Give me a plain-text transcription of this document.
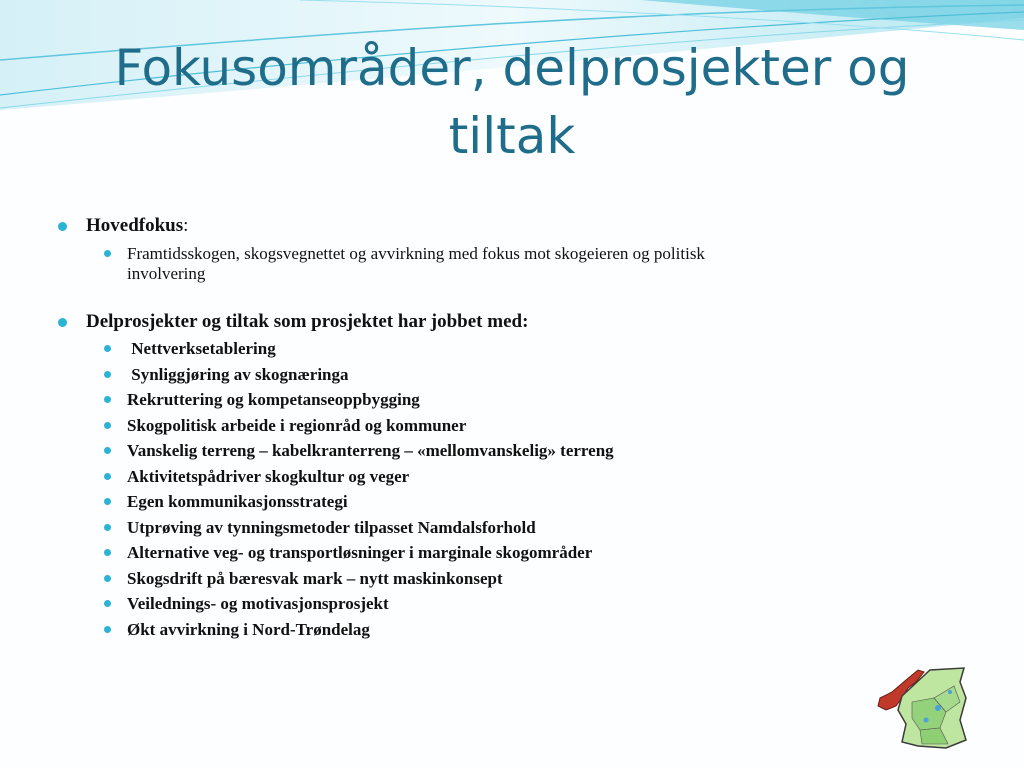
Fokusområder, delprosjekter og
tiltak
Hovedfokus:
Framtidsskogen, skogsvegnettet og avvirkning med fokus mot skogeieren og politisk
involvering
Delprosjekter og tiltak som prosjektet har jobbet med:
Nettverksetablering
Synliggjøring av skognæringa
Rekruttering og kompetanseoppbygging
Skogpolitisk arbeide i regionråd og kommuner
Vanskelig terreng – kabelkranterreng – «mellomvanskelig» terreng
Aktivitetspådriver skogkultur og veger
Egen kommunikasjonsstrategi
Utprøving av tynningsmetoder tilpasset Namdalsforhold
Alternative veg- og transportløsninger i marginale skogområder
Skogsdrift på bæresvak mark – nytt maskinkonsept
Veilednings- og motivasjonsprosjekt
Økt avvirkning i Nord-Trøndelag
